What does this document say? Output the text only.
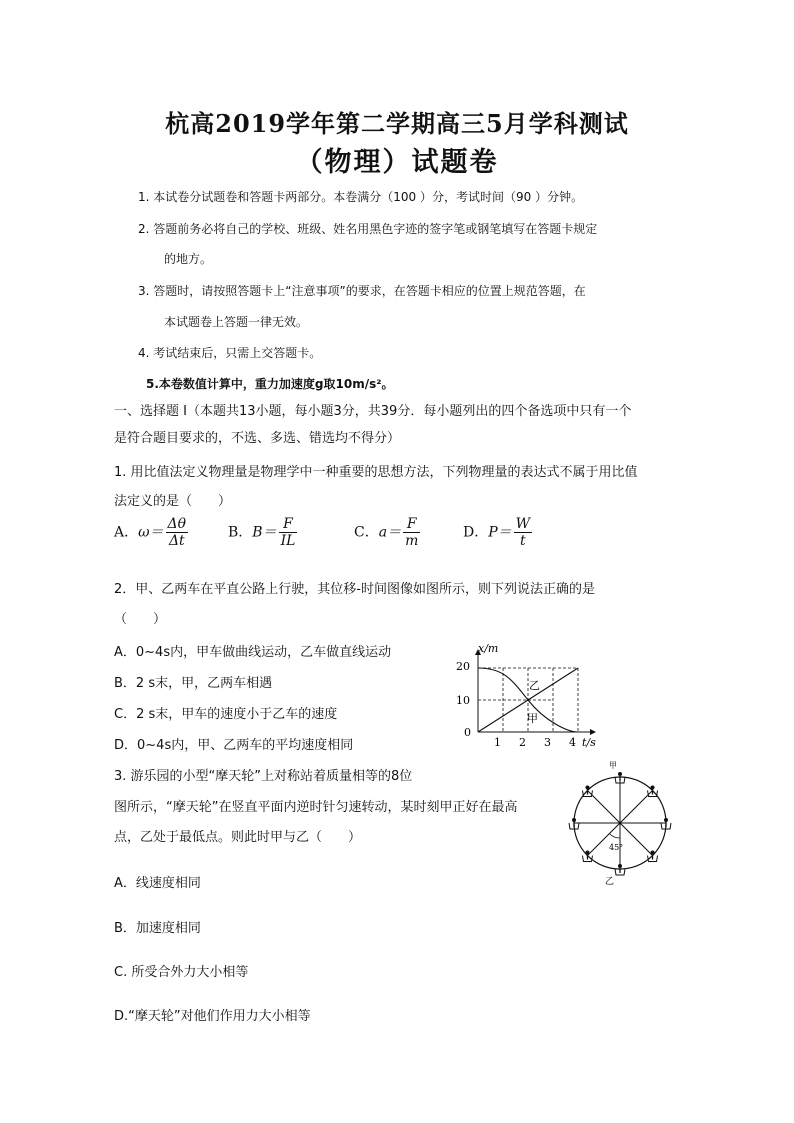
杭高2019学年第二学期高三5月学科测试
（物理）试题卷
1. 本试卷分试题卷和答题卡两部分。本卷满分（100 ）分，考试时间（90 ）分钟。
2. 答题前务必将自己的学校、班级、姓名用黑色字迹的签字笔或钢笔填写在答题卡规定
的地方。
3. 答题时，请按照答题卡上“注意事项”的要求，在答题卡相应的位置上规范答题，在
本试题卷上答题一律无效。
4. 考试结束后，只需上交答题卡。
5.本卷数值计算中，重力加速度g取10m/s²。
一、选择题 I（本题共13小题，每小题3分，共39分．每小题列出的四个备选项中只有一个
是符合题目要求的，不选、多选、错选均不得分）
1. 用比值法定义物理量是物理学中一种重要的思想方法，下列物理量的表达式不属于用比值
法定义的是（　　）
A．$\omega= \frac{\Delta\theta}{\Delta t}$	B．$B= \frac{F}{IL}$	C．$a= \frac{F}{m}$	D．$P= \frac{W}{t}$
2．甲、乙两车在平直公路上行驶，其位移-时间图像如图所示，则下列说法正确的是
（　　）
A．0~4s内，甲车做曲线运动，乙车做直线运动
B．2 s末，甲，乙两车相遇
C．2 s末，甲车的速度小于乙车的速度
D．0~4s内，甲、乙两车的平均速度相同
x/m
t/s
20
10
0
1 2 3 4
乙
甲
3. 游乐园的小型“摩天轮”上对称站着质量相等的8位
图所示，“摩天轮”在竖直平面内逆时针匀速转动，某时刻甲正好在最高
点，乙处于最低点。则此时甲与乙（　　）
45°
甲
乙
A．线速度相同
B．加速度相同
C. 所受合外力大小相等
D.“摩天轮”对他们作用力大小相等
